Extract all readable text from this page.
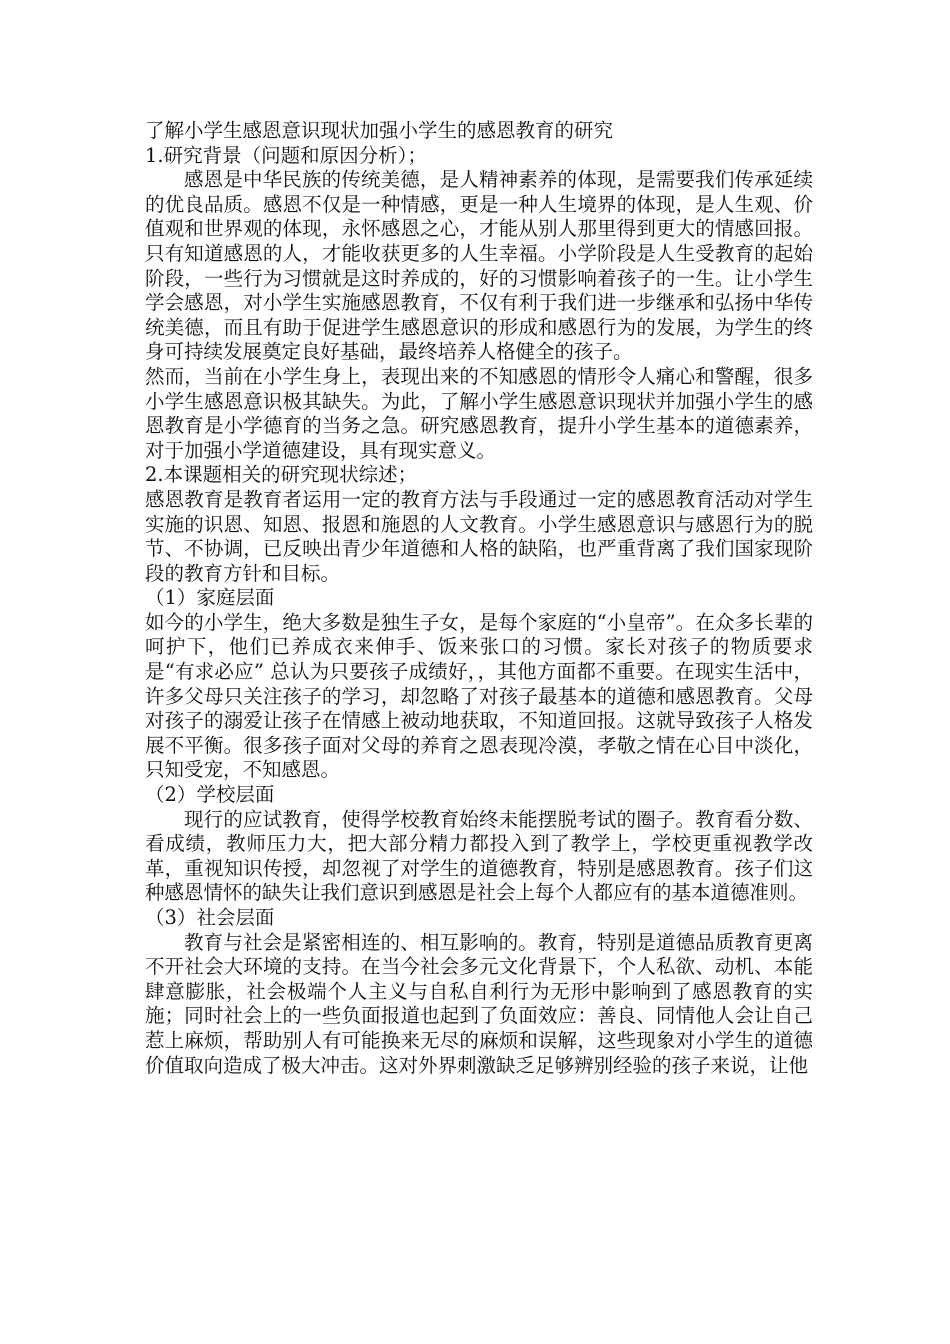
了解小学生感恩意识现状加强小学生的感恩教育的研究
1.研究背景（问题和原因分析）；

感恩是中华民族的传统美德，是人精神素养的体现，是需要我们传承延续的优良品质。感恩不仅是一种情感，更是一种人生境界的体现，是人生观、价值观和世界观的体现，永怀感恩之心，才能从别人那里得到更大的情感回报。只有知道感恩的人，才能收获更多的人生幸福。小学阶段是人生受教育的起始阶段，一些行为习惯就是这时养成的，好的习惯影响着孩子的一生。让小学生学会感恩，对小学生实施感恩教育，不仅有利于我们进一步继承和弘扬中华传统美德，而且有助于促进学生感恩意识的形成和感恩行为的发展，为学生的终身可持续发展奠定良好基础，最终培养人格健全的孩子。

然而，当前在小学生身上，表现出来的不知感恩的情形令人痛心和警醒，很多小学生感恩意识极其缺失。为此，了解小学生感恩意识现状并加强小学生的感恩教育是小学德育的当务之急。研究感恩教育，提升小学生基本的道德素养，对于加强小学道德建设，具有现实意义。

2.本课题相关的研究现状综述；

感恩教育是教育者运用一定的教育方法与手段通过一定的感恩教育活动对学生实施的识恩、知恩、报恩和施恩的人文教育。小学生感恩意识与感恩行为的脱节、不协调，已反映出青少年道德和人格的缺陷，也严重背离了我们国家现阶段的教育方针和目标。

（1）家庭层面

如今的小学生，绝大多数是独生子女，是每个家庭的“小皇帝”。在众多长辈的呵护下，他们已养成衣来伸手、饭来张口的习惯。家长对孩子的物质要求是“有求必应” 总认为只要孩子成绩好，，其他方面都不重要。在现实生活中，许多父母只关注孩子的学习，却忽略了对孩子最基本的道德和感恩教育。父母对孩子的溺爱让孩子在情感上被动地获取，不知道回报。这就导致孩子人格发展不平衡。很多孩子面对父母的养育之恩表现冷漠，孝敬之情在心目中淡化，只知受宠，不知感恩。

（2）学校层面

现行的应试教育，使得学校教育始终未能摆脱考试的圈子。教育看分数、看成绩，教师压力大，把大部分精力都投入到了教学上，学校更重视教学改革，重视知识传授，却忽视了对学生的道德教育，特别是感恩教育。孩子们这种感恩情怀的缺失让我们意识到感恩是社会上每个人都应有的基本道德准则。

（3）社会层面

教育与社会是紧密相连的、相互影响的。教育，特别是道德品质教育更离不开社会大环境的支持。在当今社会多元文化背景下，个人私欲、动机、本能肆意膨胀，社会极端个人主义与自私自利行为无形中影响到了感恩教育的实施；同时社会上的一些负面报道也起到了负面效应：善良、同情他人会让自己惹上麻烦，帮助别人有可能换来无尽的麻烦和误解，这些现象对小学生的道德价值取向造成了极大冲击。这对外界刺激缺乏足够辨别经验的孩子来说，让他
